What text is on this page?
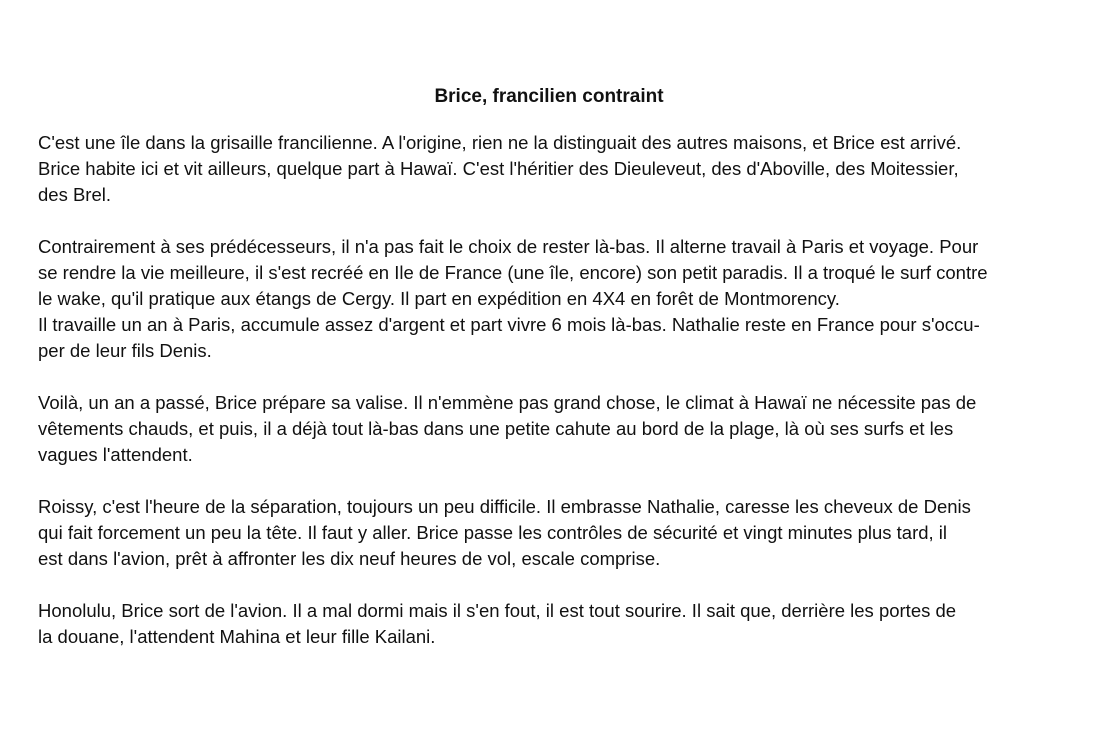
Brice, francilien contraint
C'est une île dans la grisaille francilienne. A l'origine, rien ne la distinguait des autres maisons, et Brice est arrivé.
Brice habite ici et vit ailleurs, quelque part à Hawaï. C'est l'héritier des Dieuleveut, des d'Aboville, des Moitessier,
des Brel.
Contrairement à ses prédécesseurs, il n'a pas fait le choix de rester là-bas. Il alterne travail à Paris et voyage. Pour
se rendre la vie meilleure, il s'est recréé en Ile de France (une île, encore) son petit paradis. Il a troqué le surf contre
le wake, qu'il pratique aux étangs de Cergy. Il part en expédition en 4X4 en forêt de Montmorency.
Il travaille un an à Paris, accumule assez d'argent et part vivre 6 mois là-bas. Nathalie reste en France pour s'occu-
per de leur fils Denis.
Voilà, un an a passé, Brice prépare sa valise. Il n'emmène pas grand chose, le climat à Hawaï ne nécessite pas de
vêtements chauds, et puis, il a déjà tout là-bas dans une petite cahute au bord de la plage, là où ses surfs et les
vagues l'attendent.
Roissy, c'est l'heure de la séparation, toujours un peu difficile. Il embrasse Nathalie, caresse les cheveux de Denis
qui fait forcement un peu la tête. Il faut y aller. Brice passe les contrôles de sécurité et vingt minutes plus tard, il
est dans l'avion, prêt à affronter les dix neuf heures de vol, escale comprise.
Honolulu, Brice sort de l'avion. Il a mal dormi mais il s'en fout, il est tout sourire. Il sait que, derrière les portes de
la douane, l'attendent Mahina et leur fille Kailani.
